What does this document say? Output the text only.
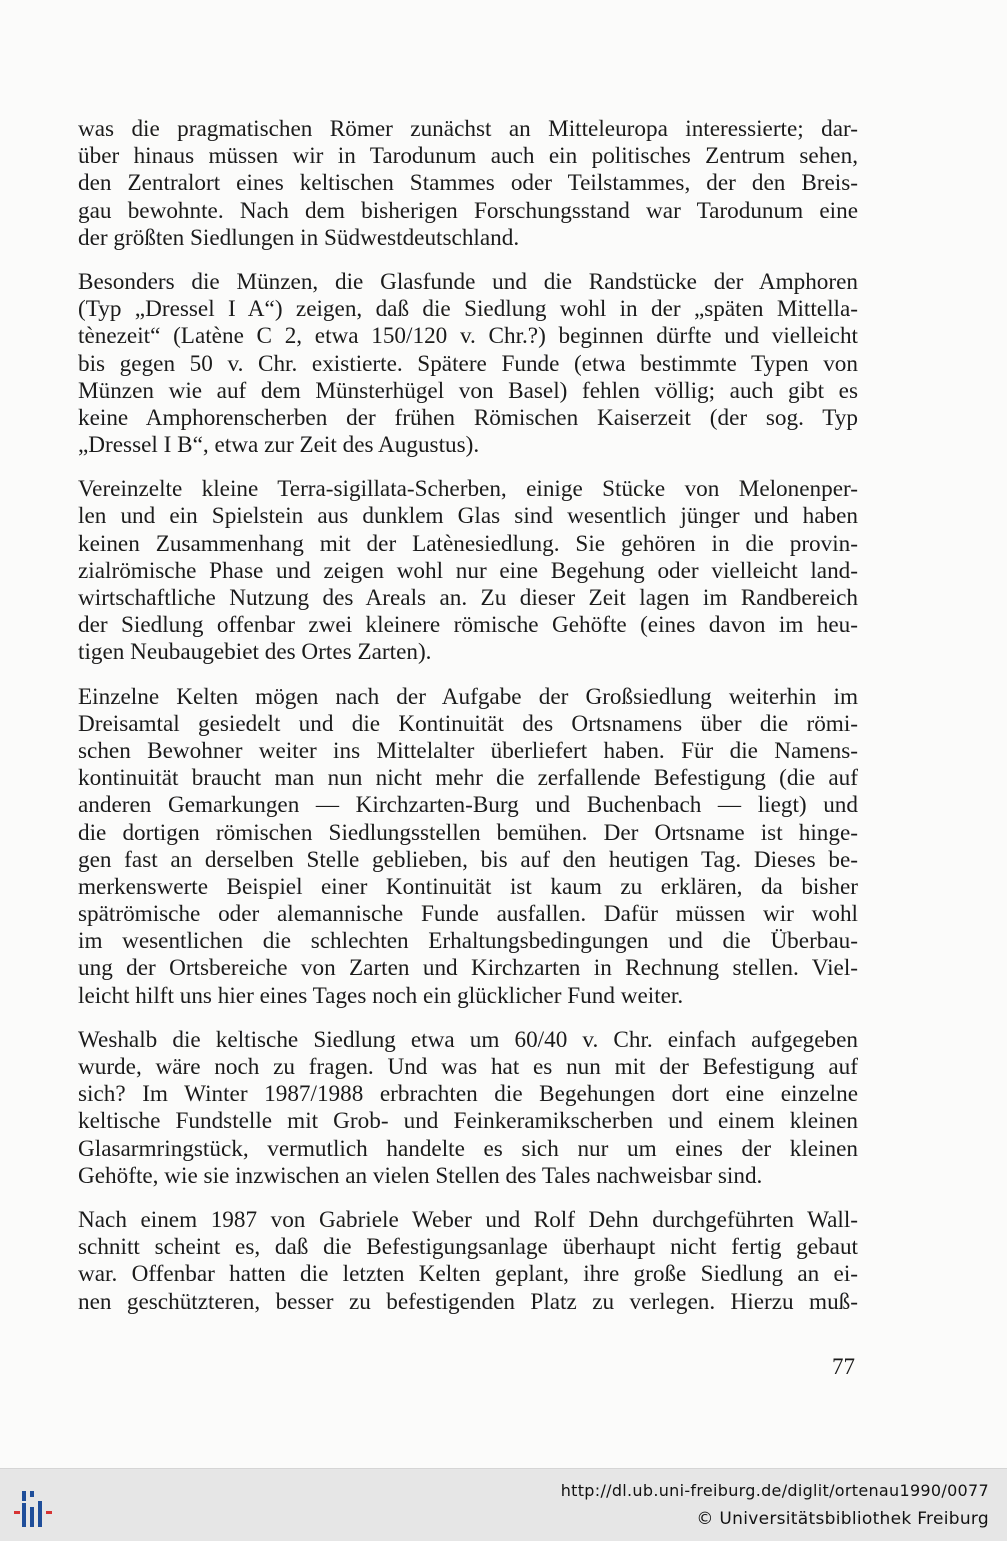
was die pragmatischen Römer zunächst an Mitteleuropa interessierte; dar-
über hinaus müssen wir in Tarodunum auch ein politisches Zentrum sehen,
den Zentralort eines keltischen Stammes oder Teilstammes, der den Breis-
gau bewohnte. Nach dem bisherigen Forschungsstand war Tarodunum eine
der größten Siedlungen in Südwestdeutschland.

Besonders die Münzen, die Glasfunde und die Randstücke der Amphoren
(Typ „Dressel I A“) zeigen, daß die Siedlung wohl in der „späten Mittella-
tènezeit“ (Latène C 2, etwa 150/120 v. Chr.?) beginnen dürfte und vielleicht
bis gegen 50 v. Chr. existierte. Spätere Funde (etwa bestimmte Typen von
Münzen wie auf dem Münsterhügel von Basel) fehlen völlig; auch gibt es
keine Amphorenscherben der frühen Römischen Kaiserzeit (der sog. Typ
„Dressel I B“, etwa zur Zeit des Augustus).

Vereinzelte kleine Terra-sigillata-Scherben, einige Stücke von Melonenper-
len und ein Spielstein aus dunklem Glas sind wesentlich jünger und haben
keinen Zusammenhang mit der Latènesiedlung. Sie gehören in die provin-
zialrömische Phase und zeigen wohl nur eine Begehung oder vielleicht land-
wirtschaftliche Nutzung des Areals an. Zu dieser Zeit lagen im Randbereich
der Siedlung offenbar zwei kleinere römische Gehöfte (eines davon im heu-
tigen Neubaugebiet des Ortes Zarten).

Einzelne Kelten mögen nach der Aufgabe der Großsiedlung weiterhin im
Dreisamtal gesiedelt und die Kontinuität des Ortsnamens über die römi-
schen Bewohner weiter ins Mittelalter überliefert haben. Für die Namens-
kontinuität braucht man nun nicht mehr die zerfallende Befestigung (die auf
anderen Gemarkungen — Kirchzarten-Burg und Buchenbach — liegt) und
die dortigen römischen Siedlungsstellen bemühen. Der Ortsname ist hinge-
gen fast an derselben Stelle geblieben, bis auf den heutigen Tag. Dieses be-
merkenswerte Beispiel einer Kontinuität ist kaum zu erklären, da bisher
spätrömische oder alemannische Funde ausfallen. Dafür müssen wir wohl
im wesentlichen die schlechten Erhaltungsbedingungen und die Überbau-
ung der Ortsbereiche von Zarten und Kirchzarten in Rechnung stellen. Viel-
leicht hilft uns hier eines Tages noch ein glücklicher Fund weiter.

Weshalb die keltische Siedlung etwa um 60/40 v. Chr. einfach aufgegeben
wurde, wäre noch zu fragen. Und was hat es nun mit der Befestigung auf
sich? Im Winter 1987/1988 erbrachten die Begehungen dort eine einzelne
keltische Fundstelle mit Grob- und Feinkeramikscherben und einem kleinen
Glasarmringstück, vermutlich handelte es sich nur um eines der kleinen
Gehöfte, wie sie inzwischen an vielen Stellen des Tales nachweisbar sind.

Nach einem 1987 von Gabriele Weber und Rolf Dehn durchgeführten Wall-
schnitt scheint es, daß die Befestigungsanlage überhaupt nicht fertig gebaut
war. Offenbar hatten die letzten Kelten geplant, ihre große Siedlung an ei-
nen geschützteren, besser zu befestigenden Platz zu verlegen. Hierzu muß-

77
http://dl.ub.uni-freiburg.de/diglit/ortenau1990/0077
© Universitätsbibliothek Freiburg
